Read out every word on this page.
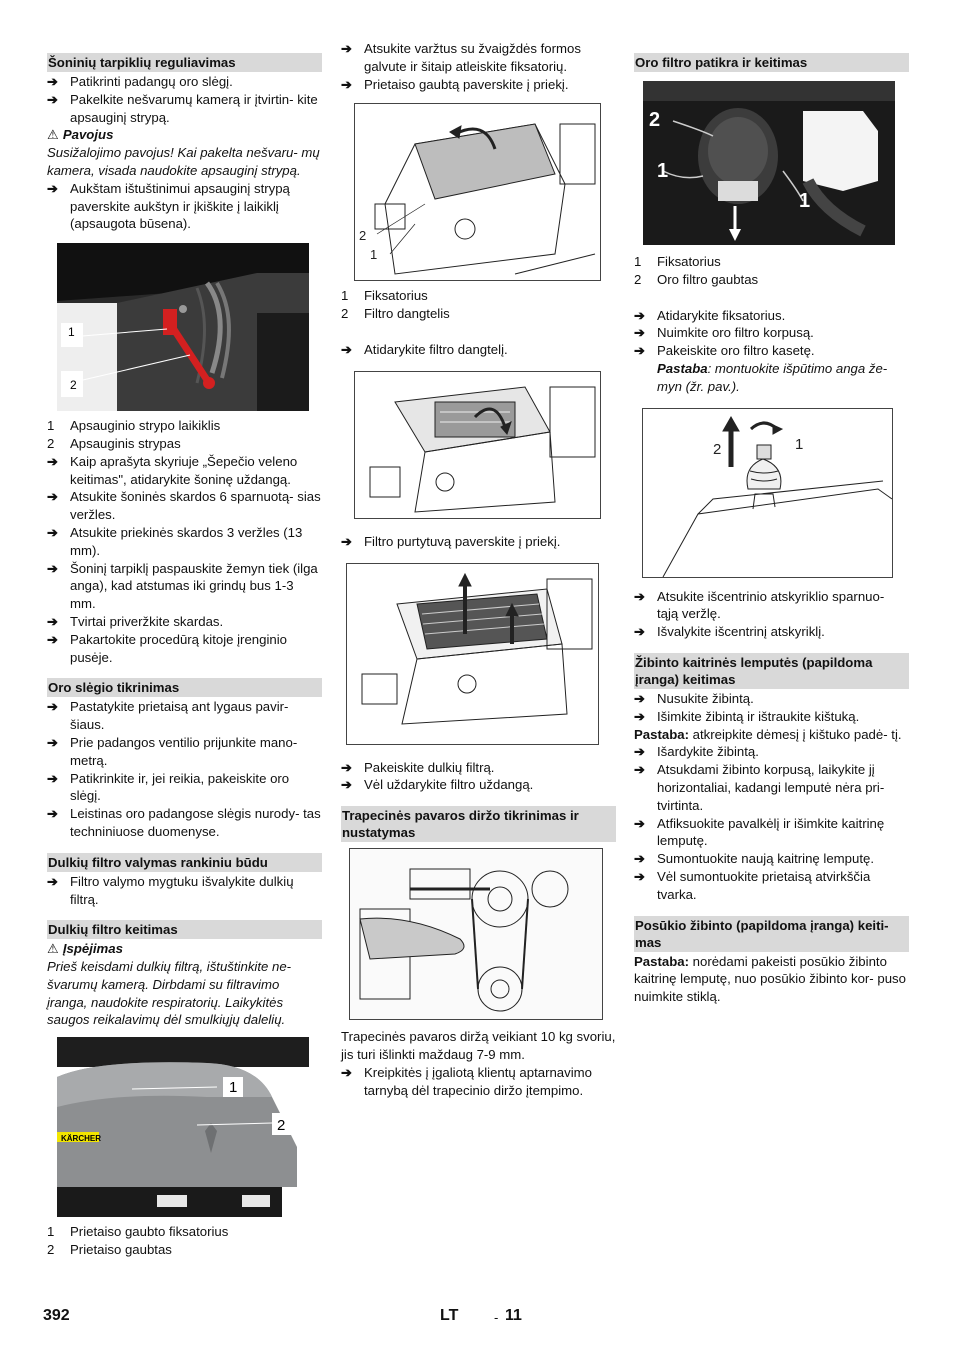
Šoninių tarpiklių reguliavimas
➔ Patikrinti padangų oro slėgį.
➔ Pakelkite nešvarumų kamerą ir įtvirtin- kite apsauginį strypą.
⚠ Pavojus
Susižalojimo pavojus! Kai pakelta nešvaru- mų kamera, visada naudokite apsauginį strypą.
➔ Aukštam ištuštinimui apsauginį strypą paverskite aukštyn ir įkiškite į laikiklį (apsaugota būsena).
1
2
1 Apsauginio strypo laikiklis
2 Apsauginis strypas
➔ Kaip aprašyta skyriuje „Šepečio veleno keitimas", atidarykite šoninę uždangą.
➔ Atsukite šoninės skardos 6 sparnuotą- sias veržles.
➔ Atsukite priekinės skardos 3 veržles (13 mm).
➔ Šoninį tarpiklį paspauskite žemyn tiek (ilga anga), kad atstumas iki grindų bus 1-3 mm.
➔ Tvirtai priveržkite skardas.
➔ Pakartokite procedūrą kitoje įrenginio pusėje.
Oro slėgio tikrinimas
➔ Pastatykite prietaisą ant lygaus pavir- šiaus.
➔ Prie padangos ventilio prijunkite mano- metrą.
➔ Patikrinkite ir, jei reikia, pakeiskite oro slėgį.
➔ Leistinas oro padangose slėgis nurody- tas techniniuose duomenyse.
Dulkių filtro valymas rankiniu būdu
➔ Filtro valymo mygtuku išvalykite dulkių filtrą.
Dulkių filtro keitimas
⚠ Įspėjimas
Prieš keisdami dulkių filtrą, ištuštinkite ne- švarumų kamerą. Dirbdami su filtravimo įranga, naudokite respiratorių. Laikykitės saugos reikalavimų dėl smulkiųjų dalelių.
KÄRCHER
1
2
1 Prietaiso gaubto fiksatorius
2 Prietaiso gaubtas
➔ Atsukite varžtus su žvaigždės formos galvute ir šitaip atleiskite fiksatorių.
➔ Prietaiso gaubtą paverskite į priekį.
2
1
1 Fiksatorius
2 Filtro dangtelis
➔ Atidarykite filtro dangtelį.
➔ Filtro purtytuvą paverskite į priekį.
➔ Pakeiskite dulkių filtrą.
➔ Vėl uždarykite filtro uždangą.
Trapecinės pavaros diržo tikrinimas ir nustatymas
Trapecinės pavaros diržą veikiant 10 kg svoriu, jis turi išlinkti maždaug 7-9 mm.
➔ Kreipkitės į įgaliotą klientų aptarnavimo tarnybą dėl trapecinio diržo įtempimo.
Oro filtro patikra ir keitimas
2
1
1
1 Fiksatorius
2 Oro filtro gaubtas
➔ Atidarykite fiksatorius.
➔ Nuimkite oro filtro korpusą.
➔ Pakeiskite oro filtro kasetę.
Pastaba: montuokite išpūtimo anga že- myn (žr. pav.).
2	1
➔ Atsukite išcentrinio atskyriklio sparnuo- tąją veržlę.
➔ Išvalykite išcentrinį atskyriklį.
Žibinto kaitrinės lemputės (papildoma įranga) keitimas
➔ Nusukite žibintą.
➔ Išimkite žibintą ir ištraukite kištuką.
Pastaba: atkreipkite dėmesį į kištuko padė- tį.
➔ Išardykite žibintą.
➔ Atsukdami žibinto korpusą, laikykite jį horizontaliai, kadangi lemputė nėra pri- tvirtinta.
➔ Atfiksuokite pavalkėlį ir išimkite kaitrinę lemputę.
➔ Sumontuokite naują kaitrinę lemputę.
➔ Vėl sumontuokite prietaisą atvirkščia tvarka.
Posūkio žibinto (papildoma įranga) keiti- mas
Pastaba: norėdami pakeisti posūkio žibinto kaitrinę lemputę, nuo posūkio žibinto kor- puso nuimkite stiklą.
392	LT	- 11
